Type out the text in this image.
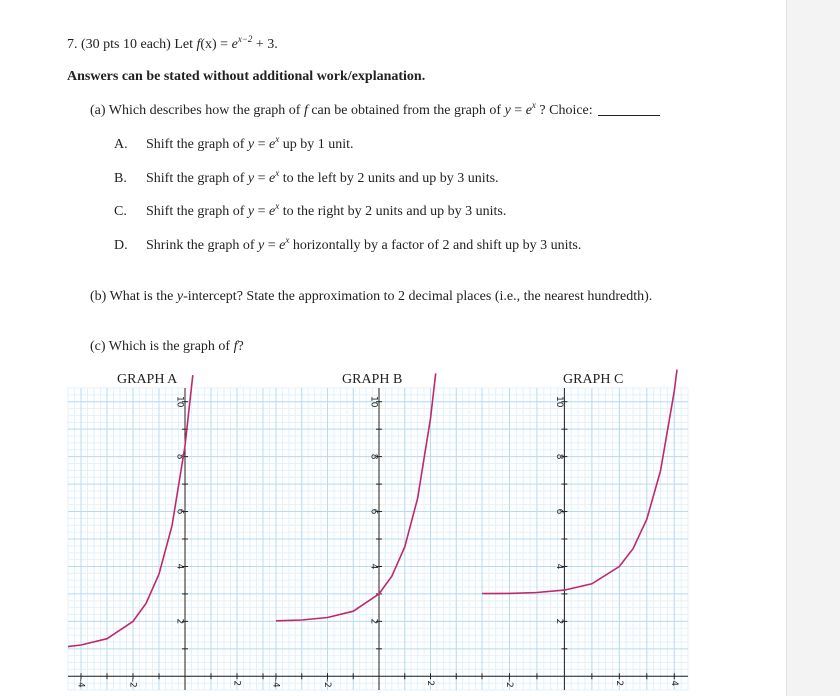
7. (30 pts 10 each) Let $f(x) = e^{x-2} + 3$.
Answers can be stated without additional work/explanation.
(a) Which describes how the graph of f can be obtained from the graph of $y = e^x$ ? Choice:
A.	Shift the graph of $y = e^x$ up by 1 unit.
B.	Shift the graph of $y = e^x$ to the left by 2 units and up by 3 units.
C.	Shift the graph of $y = e^x$ to the right by 2 units and up by 3 units.
D.	Shrink the graph of $y = e^x$ horizontally by a factor of 2 and shift up by 3 units.
(b) What is the y-intercept? State the approximation to 2 decimal places (i.e., the nearest hundredth).
(c) Which is the graph of f?
GRAPH A	GRAPH B	GRAPH C
-4	-2	2
2
4
6
8
10
-4	-2	2
2
4
6
8
10
-2	2	4
2
4
6
8
10
